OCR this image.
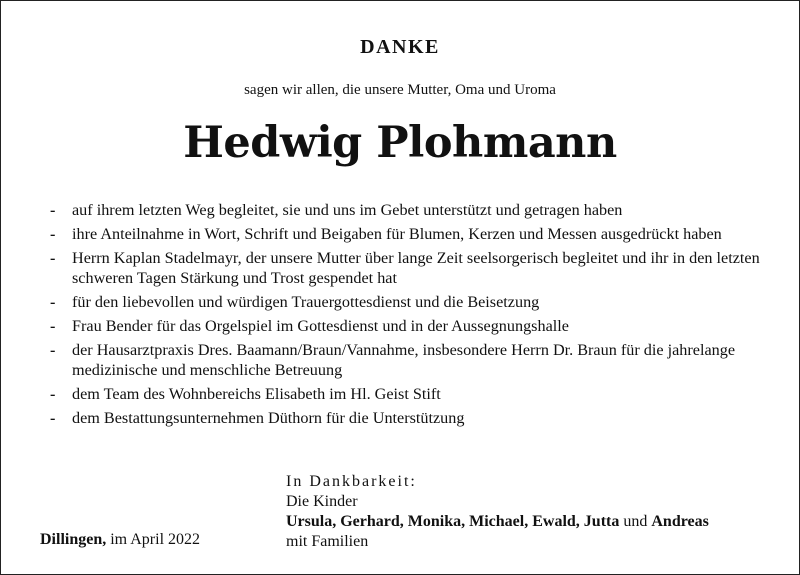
DANKE
sagen wir allen, die unsere Mutter, Oma und Uroma
Hedwig Plohmann
- auf ihrem letzten Weg begleitet, sie und uns im Gebet unterstützt und getragen haben
- ihre Anteilnahme in Wort, Schrift und Beigaben für Blumen, Kerzen und Messen ausgedrückt haben
- Herrn Kaplan Stadelmayr, der unsere Mutter über lange Zeit seelsorgerisch begleitet und ihr in den letzten schweren Tagen Stärkung und Trost gespendet hat
- für den liebevollen und würdigen Trauergottesdienst und die Beisetzung
- Frau Bender für das Orgelspiel im Gottesdienst und in der Aussegnungshalle
- der Hausarztpraxis Dres. Baamann/Braun/Vannahme, insbesondere Herrn Dr. Braun für die jahrelange medizinische und menschliche Betreuung
- dem Team des Wohnbereichs Elisabeth im Hl. Geist Stift
- dem Bestattungsunternehmen Düthorn für die Unterstützung
In Dankbarkeit:
Die Kinder
Ursula, Gerhard, Monika, Michael, Ewald, Jutta und Andreas
mit Familien
Dillingen, im April 2022
